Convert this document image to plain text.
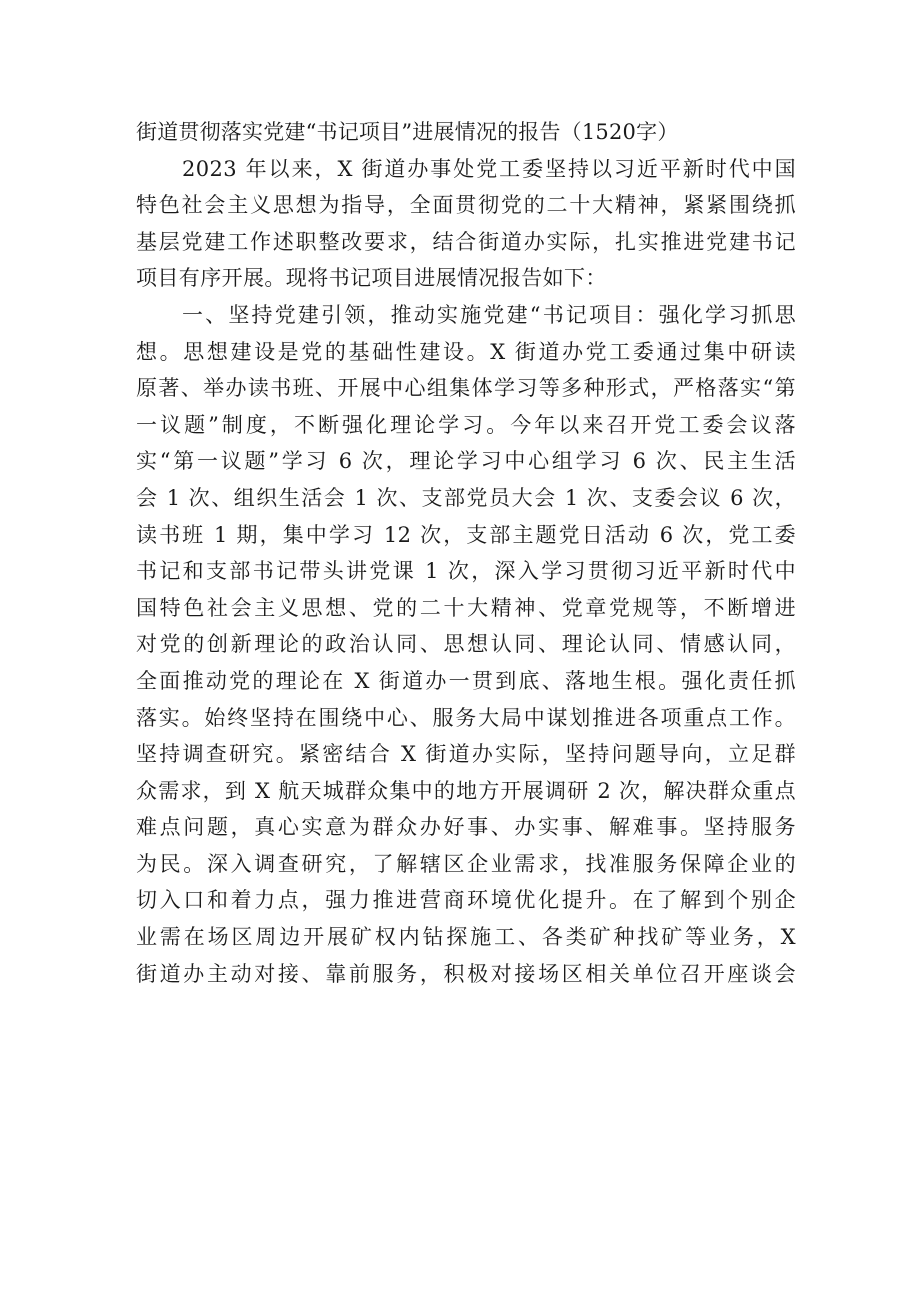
街道贯彻落实党建“书记项目”进展情况的报告（1520字）
2023 年以来，X 街道办事处党工委坚持以习近平新时代中国
特色社会主义思想为指导，全面贯彻党的二十大精神，紧紧围绕抓
基层党建工作述职整改要求，结合街道办实际，扎实推进党建书记
项目有序开展。现将书记项目进展情况报告如下：
一、坚持党建引领，推动实施党建“书记项目：强化学习抓思
想。思想建设是党的基础性建设。X 街道办党工委通过集中研读
原著、举办读书班、开展中心组集体学习等多种形式，严格落实“第
一议题”制度，不断强化理论学习。今年以来召开党工委会议落
实“第一议题”学习 6 次，理论学习中心组学习 6 次、民主生活
会 1 次、组织生活会 1 次、支部党员大会 1 次、支委会议 6 次，
读书班 1 期，集中学习 12 次，支部主题党日活动 6 次，党工委
书记和支部书记带头讲党课 1 次，深入学习贯彻习近平新时代中
国特色社会主义思想、党的二十大精神、党章党规等，不断增进
对党的创新理论的政治认同、思想认同、理论认同、情感认同，
全面推动党的理论在 X 街道办一贯到底、落地生根。强化责任抓
落实。始终坚持在围绕中心、服务大局中谋划推进各项重点工作。
坚持调查研究。紧密结合 X 街道办实际，坚持问题导向，立足群
众需求，到 X 航天城群众集中的地方开展调研 2 次，解决群众重点
难点问题，真心实意为群众办好事、办实事、解难事。坚持服务
为民。深入调查研究，了解辖区企业需求，找准服务保障企业的
切入口和着力点，强力推进营商环境优化提升。在了解到个别企
业需在场区周边开展矿权内钻探施工、各类矿种找矿等业务，X
街道办主动对接、靠前服务，积极对接场区相关单位召开座谈会
